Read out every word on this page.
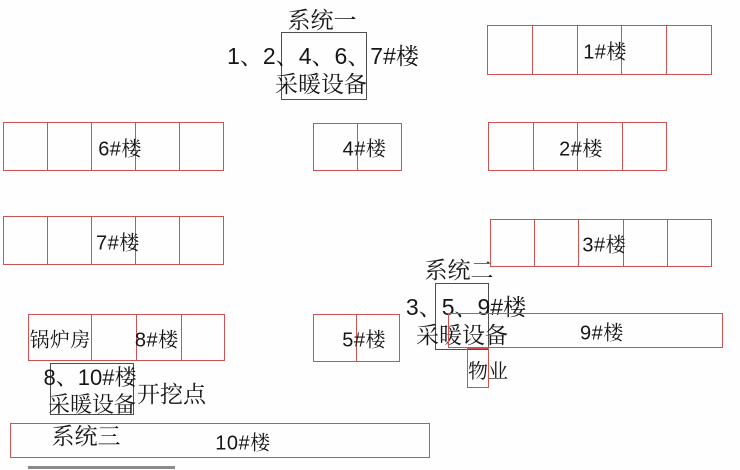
系统一
1、2、4、6、7#楼
采暖设备
1#楼
6#楼	4#楼	2#楼
7#楼	3#楼
系统二
3、5、9#楼
采暖设备
锅炉房 8#楼	5#楼	9#楼
物业
8、10#楼
采暖设备 开挖点
系统三	10#楼
